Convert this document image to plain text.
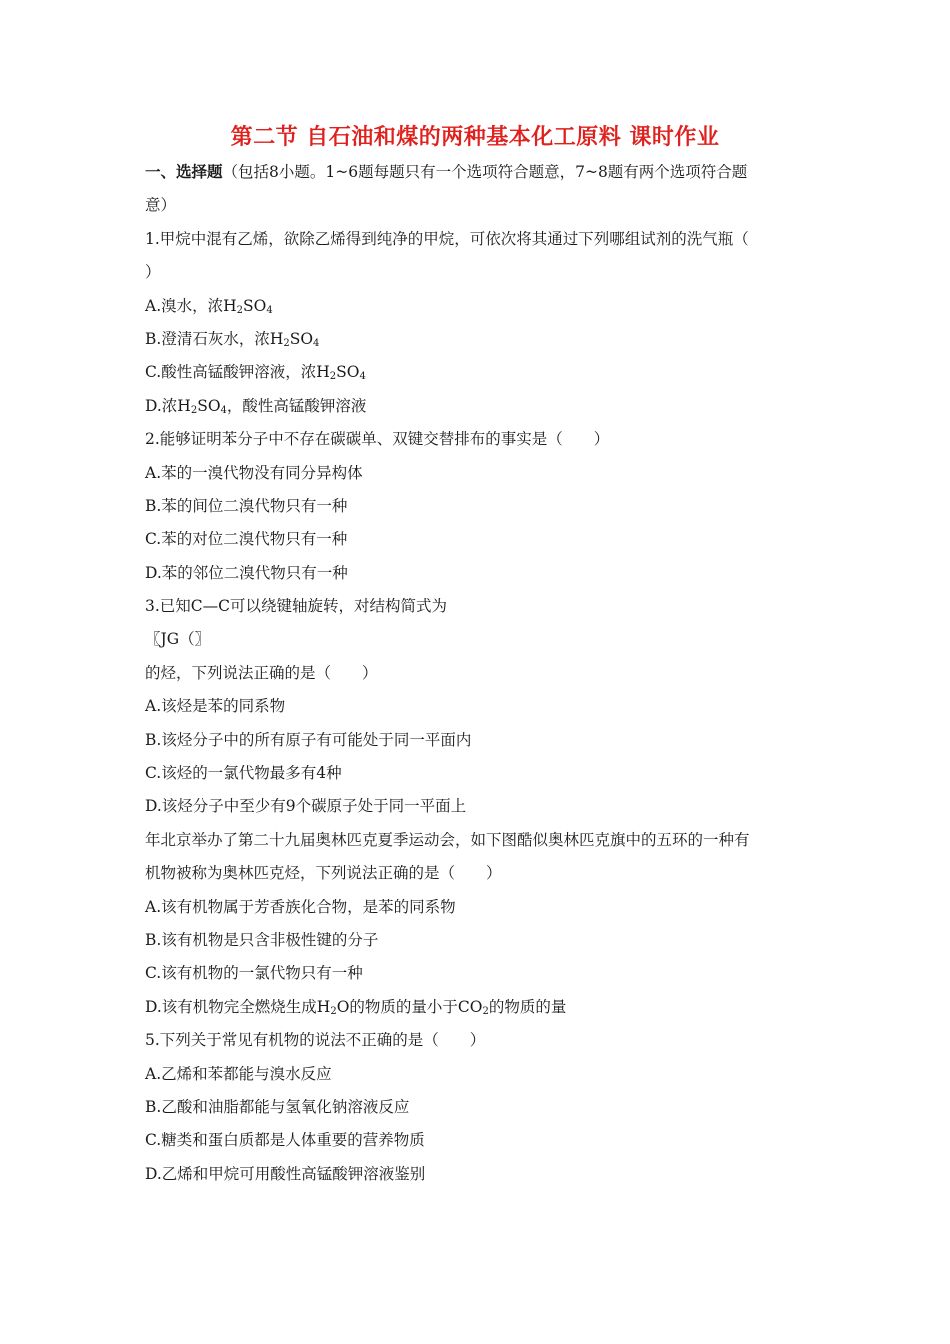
第二节 自石油和煤的两种基本化工原料 课时作业
一、选择题（包括8小题。1~6题每题只有一个选项符合题意，7~8题有两个选项符合题
意）
1.甲烷中混有乙烯，欲除乙烯得到纯净的甲烷，可依次将其通过下列哪组试剂的洗气瓶（
）
A.溴水，浓$H_2SO_4$
B.澄清石灰水，浓$H_2SO_4$
C.酸性高锰酸钾溶液，浓$H_2SO_4$
D.浓$H_2SO_4$，酸性高锰酸钾溶液
2.能够证明苯分子中不存在碳碳单、双键交替排布的事实是（　　）
A.苯的一溴代物没有同分异构体
B.苯的间位二溴代物只有一种
C.苯的对位二溴代物只有一种
D.苯的邻位二溴代物只有一种
3.已知C—C可以绕键轴旋转，对结构简式为
〖JG（〗
的烃，下列说法正确的是（　　）
A.该烃是苯的同系物
B.该烃分子中的所有原子有可能处于同一平面内
C.该烃的一氯代物最多有4种
D.该烃分子中至少有9个碳原子处于同一平面上
年北京举办了第二十九届奥林匹克夏季运动会，如下图酷似奥林匹克旗中的五环的一种有
机物被称为奥林匹克烃，下列说法正确的是（　　）
A.该有机物属于芳香族化合物，是苯的同系物
B.该有机物是只含非极性键的分子
C.该有机物的一氯代物只有一种
D.该有机物完全燃烧生成$H_2O$的物质的量小于$CO_2$的物质的量
5.下列关于常见有机物的说法不正确的是（　　）
A.乙烯和苯都能与溴水反应
B.乙酸和油脂都能与氢氧化钠溶液反应
C.糖类和蛋白质都是人体重要的营养物质
D.乙烯和甲烷可用酸性高锰酸钾溶液鉴别
